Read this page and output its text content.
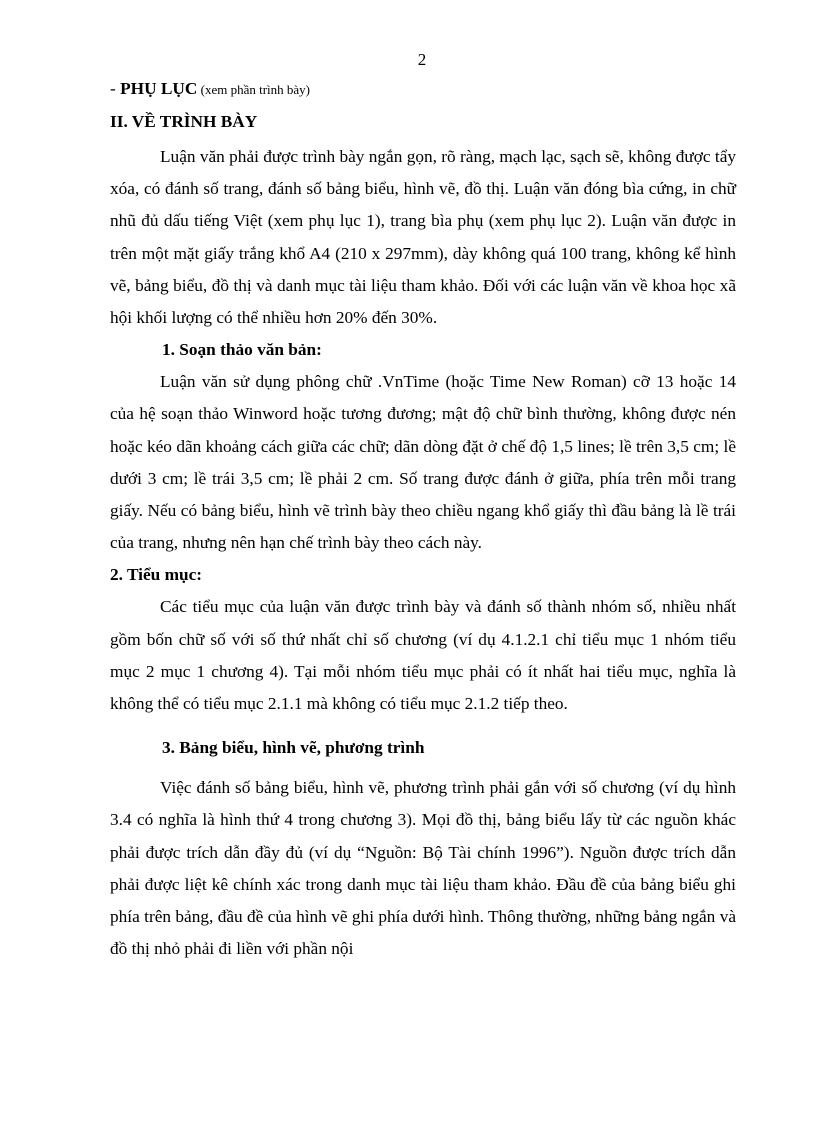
2
- PHỤ LỤC (xem phần trình bày)
II. VỀ TRÌNH BÀY

Luận văn phải được trình bày ngắn gọn, rõ ràng, mạch lạc, sạch sẽ, không được tẩy xóa, có đánh số trang, đánh số bảng biểu, hình vẽ, đồ thị. Luận văn đóng bìa cứng, in chữ nhũ đủ dấu tiếng Việt (xem phụ lục 1), trang bìa phụ (xem phụ lục 2). Luận văn được in trên một mặt giấy trắng khổ A4 (210 x 297mm), dày không quá 100 trang, không kể hình vẽ, bảng biểu, đồ thị và danh mục tài liệu tham khảo. Đối với các luận văn về khoa học xã hội khối lượng có thể nhiều hơn 20% đến 30%.

1. Soạn thảo văn bản:

Luận văn sử dụng phông chữ .VnTime (hoặc Time New Roman) cỡ 13 hoặc 14 của hệ soạn thảo Winword hoặc tương đương; mật độ chữ bình thường, không được nén hoặc kéo dãn khoảng cách giữa các chữ; dãn dòng đặt ở chế độ 1,5 lines; lề trên 3,5 cm; lề dưới 3 cm; lề trái 3,5 cm; lề phải 2 cm. Số trang được đánh ở giữa, phía trên mỗi trang giấy. Nếu có bảng biểu, hình vẽ trình bày theo chiều ngang khổ giấy thì đầu bảng là lề trái của trang, nhưng nên hạn chế trình bày theo cách này.

2. Tiểu mục:

Các tiểu mục của luận văn được trình bày và đánh số thành nhóm số, nhiều nhất gồm bốn chữ số với số thứ nhất chỉ số chương (ví dụ 4.1.2.1 chỉ tiểu mục 1 nhóm tiểu mục 2 mục 1 chương 4). Tại mỗi nhóm tiểu mục phải có ít nhất hai tiểu mục, nghĩa là không thể có tiểu mục 2.1.1 mà không có tiểu mục 2.1.2 tiếp theo.

3. Bảng biểu, hình vẽ, phương trình

Việc đánh số bảng biểu, hình vẽ, phương trình phải gắn với số chương (ví dụ hình 3.4 có nghĩa là hình thứ 4 trong chương 3). Mọi đồ thị, bảng biểu lấy từ các nguồn khác phải được trích dẫn đầy đủ (ví dụ “Nguồn: Bộ Tài chính 1996”). Nguồn được trích dẫn phải được liệt kê chính xác trong danh mục tài liệu tham khảo. Đầu đề của bảng biểu ghi phía trên bảng, đầu đề của hình vẽ ghi phía dưới hình. Thông thường, những bảng ngắn và đồ thị nhỏ phải đi liền với phần nội
